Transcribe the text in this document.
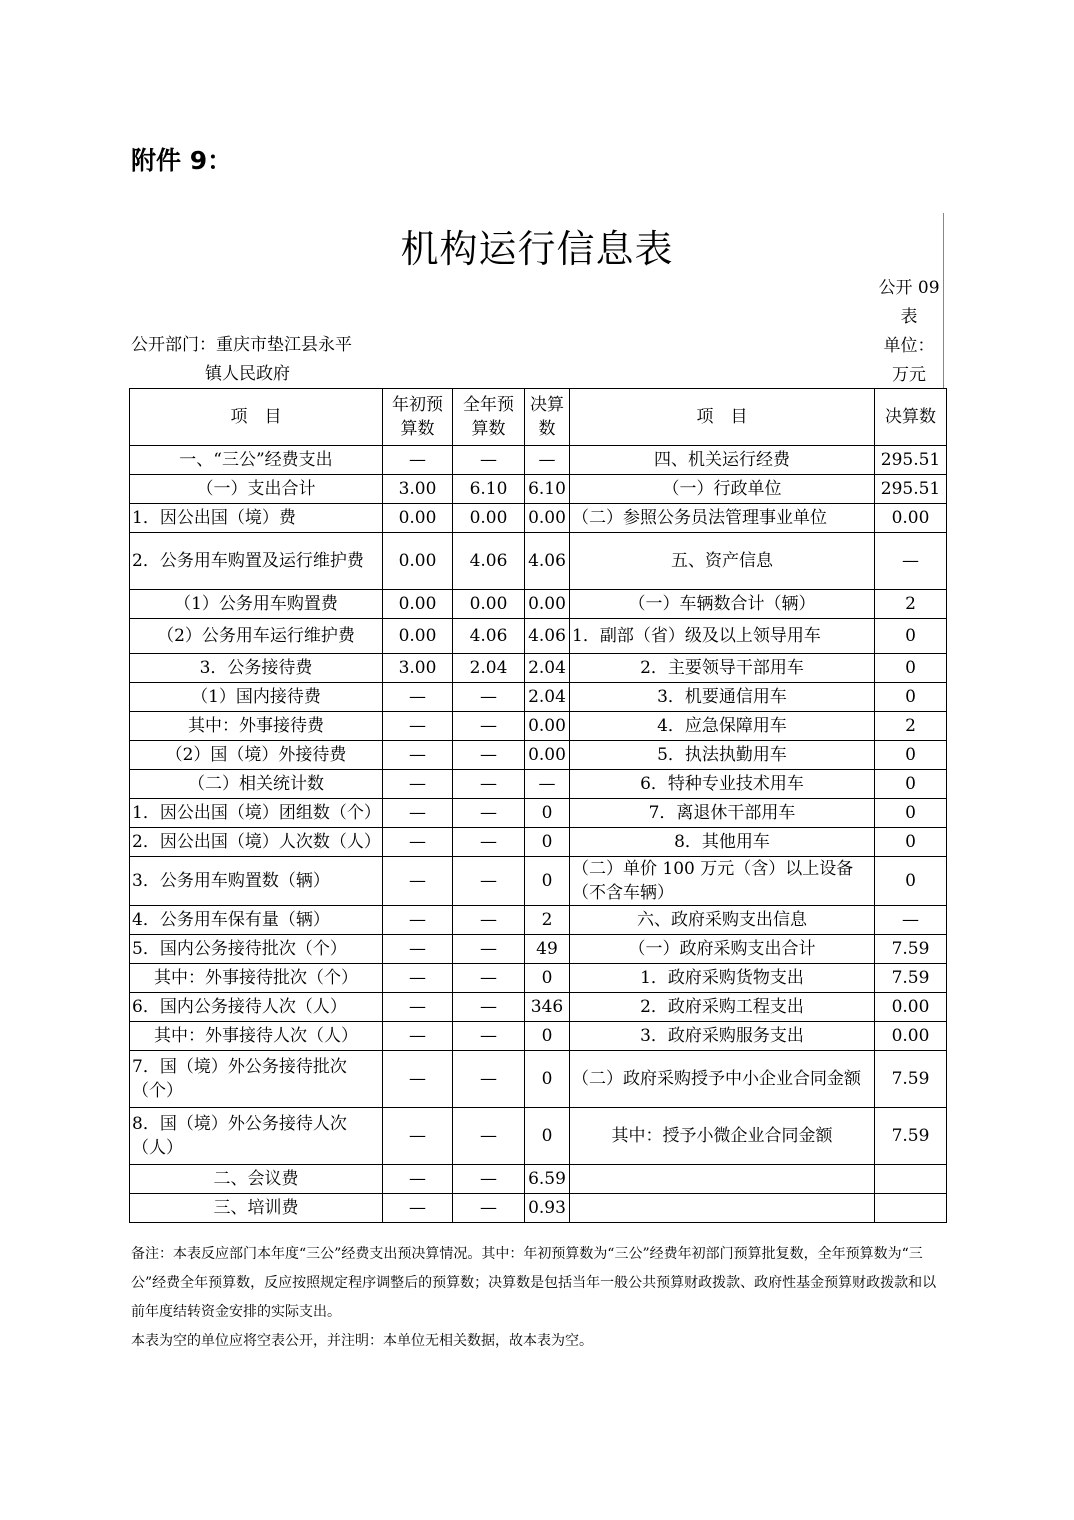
附件 9：
机构运行信息表
公开 09
表
单位：
万元
公开部门：重庆市垫江县永平
镇人民政府
项　目	年初预算数	全年预算数	决算数	项　目	决算数
一、“三公”经费支出	—	—	—	四、机关运行经费	295.51
（一）支出合计	3.00	6.10	6.10	（一）行政单位	295.51
1．因公出国（境）费	0.00	0.00	0.00	（二）参照公务员法管理事业单位	0.00
2．公务用车购置及运行维护费	0.00	4.06	4.06	五、资产信息	—
（1）公务用车购置费	0.00	0.00	0.00	（一）车辆数合计（辆）	2
（2）公务用车运行维护费	0.00	4.06	4.06	1．副部（省）级及以上领导用车	0
3．公务接待费	3.00	2.04	2.04	2．主要领导干部用车	0
（1）国内接待费	—	—	2.04	3．机要通信用车	0
其中：外事接待费	—	—	0.00	4．应急保障用车	2
（2）国（境）外接待费	—	—	0.00	5．执法执勤用车	0
（二）相关统计数	—	—	—	6．特种专业技术用车	0
1．因公出国（境）团组数（个）	—	—	0	7．离退休干部用车	0
2．因公出国（境）人次数（人）	—	—	0	8．其他用车	0
3．公务用车购置数（辆）	—	—	0	（二）单价 100 万元（含）以上设备（不含车辆）	0
4．公务用车保有量（辆）	—	—	2	六、政府采购支出信息	—
5．国内公务接待批次（个）	—	—	49	（一）政府采购支出合计	7.59
其中：外事接待批次（个）	—	—	0	1．政府采购货物支出	7.59
6．国内公务接待人次（人）	—	—	346	2．政府采购工程支出	0.00
其中：外事接待人次（人）	—	—	0	3．政府采购服务支出	0.00
7．国（境）外公务接待批次（个）	—	—	0	（二）政府采购授予中小企业合同金额	7.59
8．国（境）外公务接待人次（人）	—	—	0	其中：授予小微企业合同金额	7.59
二、会议费	—	—	6.59		
三、培训费	—	—	0.93		

备注：本表反应部门本年度“三公”经费支出预决算情况。其中：年初预算数为“三公”经费年初部门预算批复数，全年预算数为“三公”经费全年预算数，反应按照规定程序调整后的预算数；决算数是包括当年一般公共预算财政拨款、政府性基金预算财政拨款和以前年度结转资金安排的实际支出。

本表为空的单位应将空表公开，并注明：本单位无相关数据，故本表为空。
